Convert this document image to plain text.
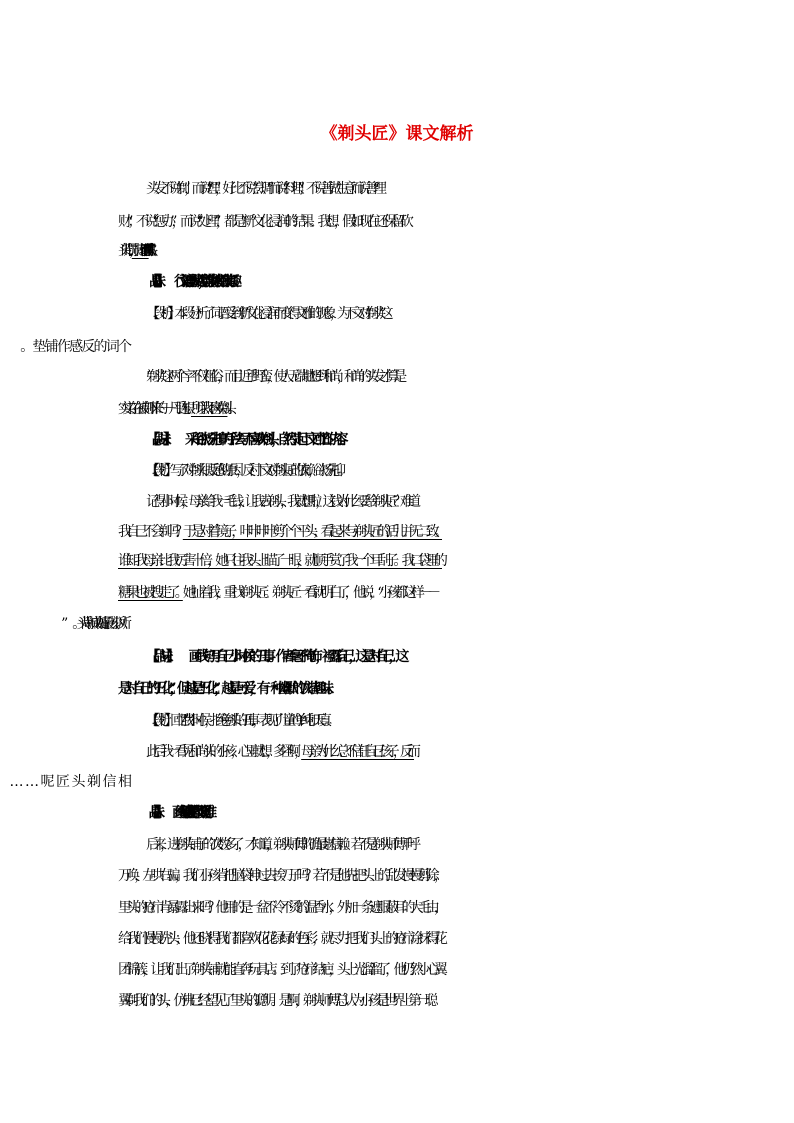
《剃头匠》课文解析
头发不说“剃”，而说“理”，好比不说“烹调”而说“料理”；不说善做生意而说善“理
财”；不说“惩办”，而说“处理”，都是“新”文化浸润的结果。我想，假如现在还保留砍
头的刑罚，一定不叫“斩首”而称“理头”罢。
【品味】 行文语言幽默风趣，能激发读者阅读的兴趣。
【段析】本段分析了词语受到“新”文化浸润而变得文雅的现象，为下文对“剃头”这
“剃头”这两个字不仅粗俗，而且近乎野蛮，使人无端地想到和尚，和尚的头发才算是
实实在在被剃下来的－－几乎连根。所以我不喜欢剃头。
【品味】 采用欲扬先抑的手法写不喜欢剃头，自然引起下文回忆的内容。
【段析】写了对剃头很反感的原因，反衬下文对剃头匠的依赖，欲扬先抑。
记得小时候，母亲给我一毛钱，让我去剃头，我就想啦，这钱为什么要给剃头匠？难道
我自己不会剃吗？于是对着镜子，咔咔咔咔剪个个平头；看起来与剃头匠的活儿并无二致。
谁知我母亲比我厉害十倍，她只往我头上瞄了一眼，就顺手赏了我一个耳刮子。我口袋里的
糖果也被搜走了。她扯着我，重找剃头匠。剃头匠一看就明白了，他说，“小孩都这样－－
【品味】 画线句写自己小时候的丑事。作者毫不掩饰，袒露自己，这是对自己，这
是对自己的“丑化”，但越是“丑化”，越是可爱，有一种幽默的诙谐趣味。
【段析】回忆“我”小时候，拒绝剃头的丑事，表现了儿童的单纯和天真。
此后我一看见和尚头的小孩，心里就想，多怪啊，母亲为什么总不信任自己孩子，反而
【品味】 画线句反映了“我”孩提时代的天真幼稚。
后来，进剃头铺子的次数多了，才知道，剃头师傅的确最堪信赖。若不是剃头师傅千呼
万唤，左哄右骗，我们小孩肯把脑袋伸过去挨刀子吗？若不是他先把头上的乱发慢慢剪除，
里头的疮疖肯暴露出来吗？他用的是一盆不冷不烫的温香水，外加一条遮眼蔽耳的大毛由，
给我们慢慢洗头；他还晓得我们都喜欢花花绿绿的色彩，就尽力把我们头上的疮疖涂抹得花
团锦簇，让我们出了剃头铺就能直奔玩具店。到了疮疖结疤，头上光溜溜了，他仍然小心翼
翼 剃我们的头，仿佛已经望见了里头的聪明。是啊，剃头师傅总认为小孩是世界上第一聪
